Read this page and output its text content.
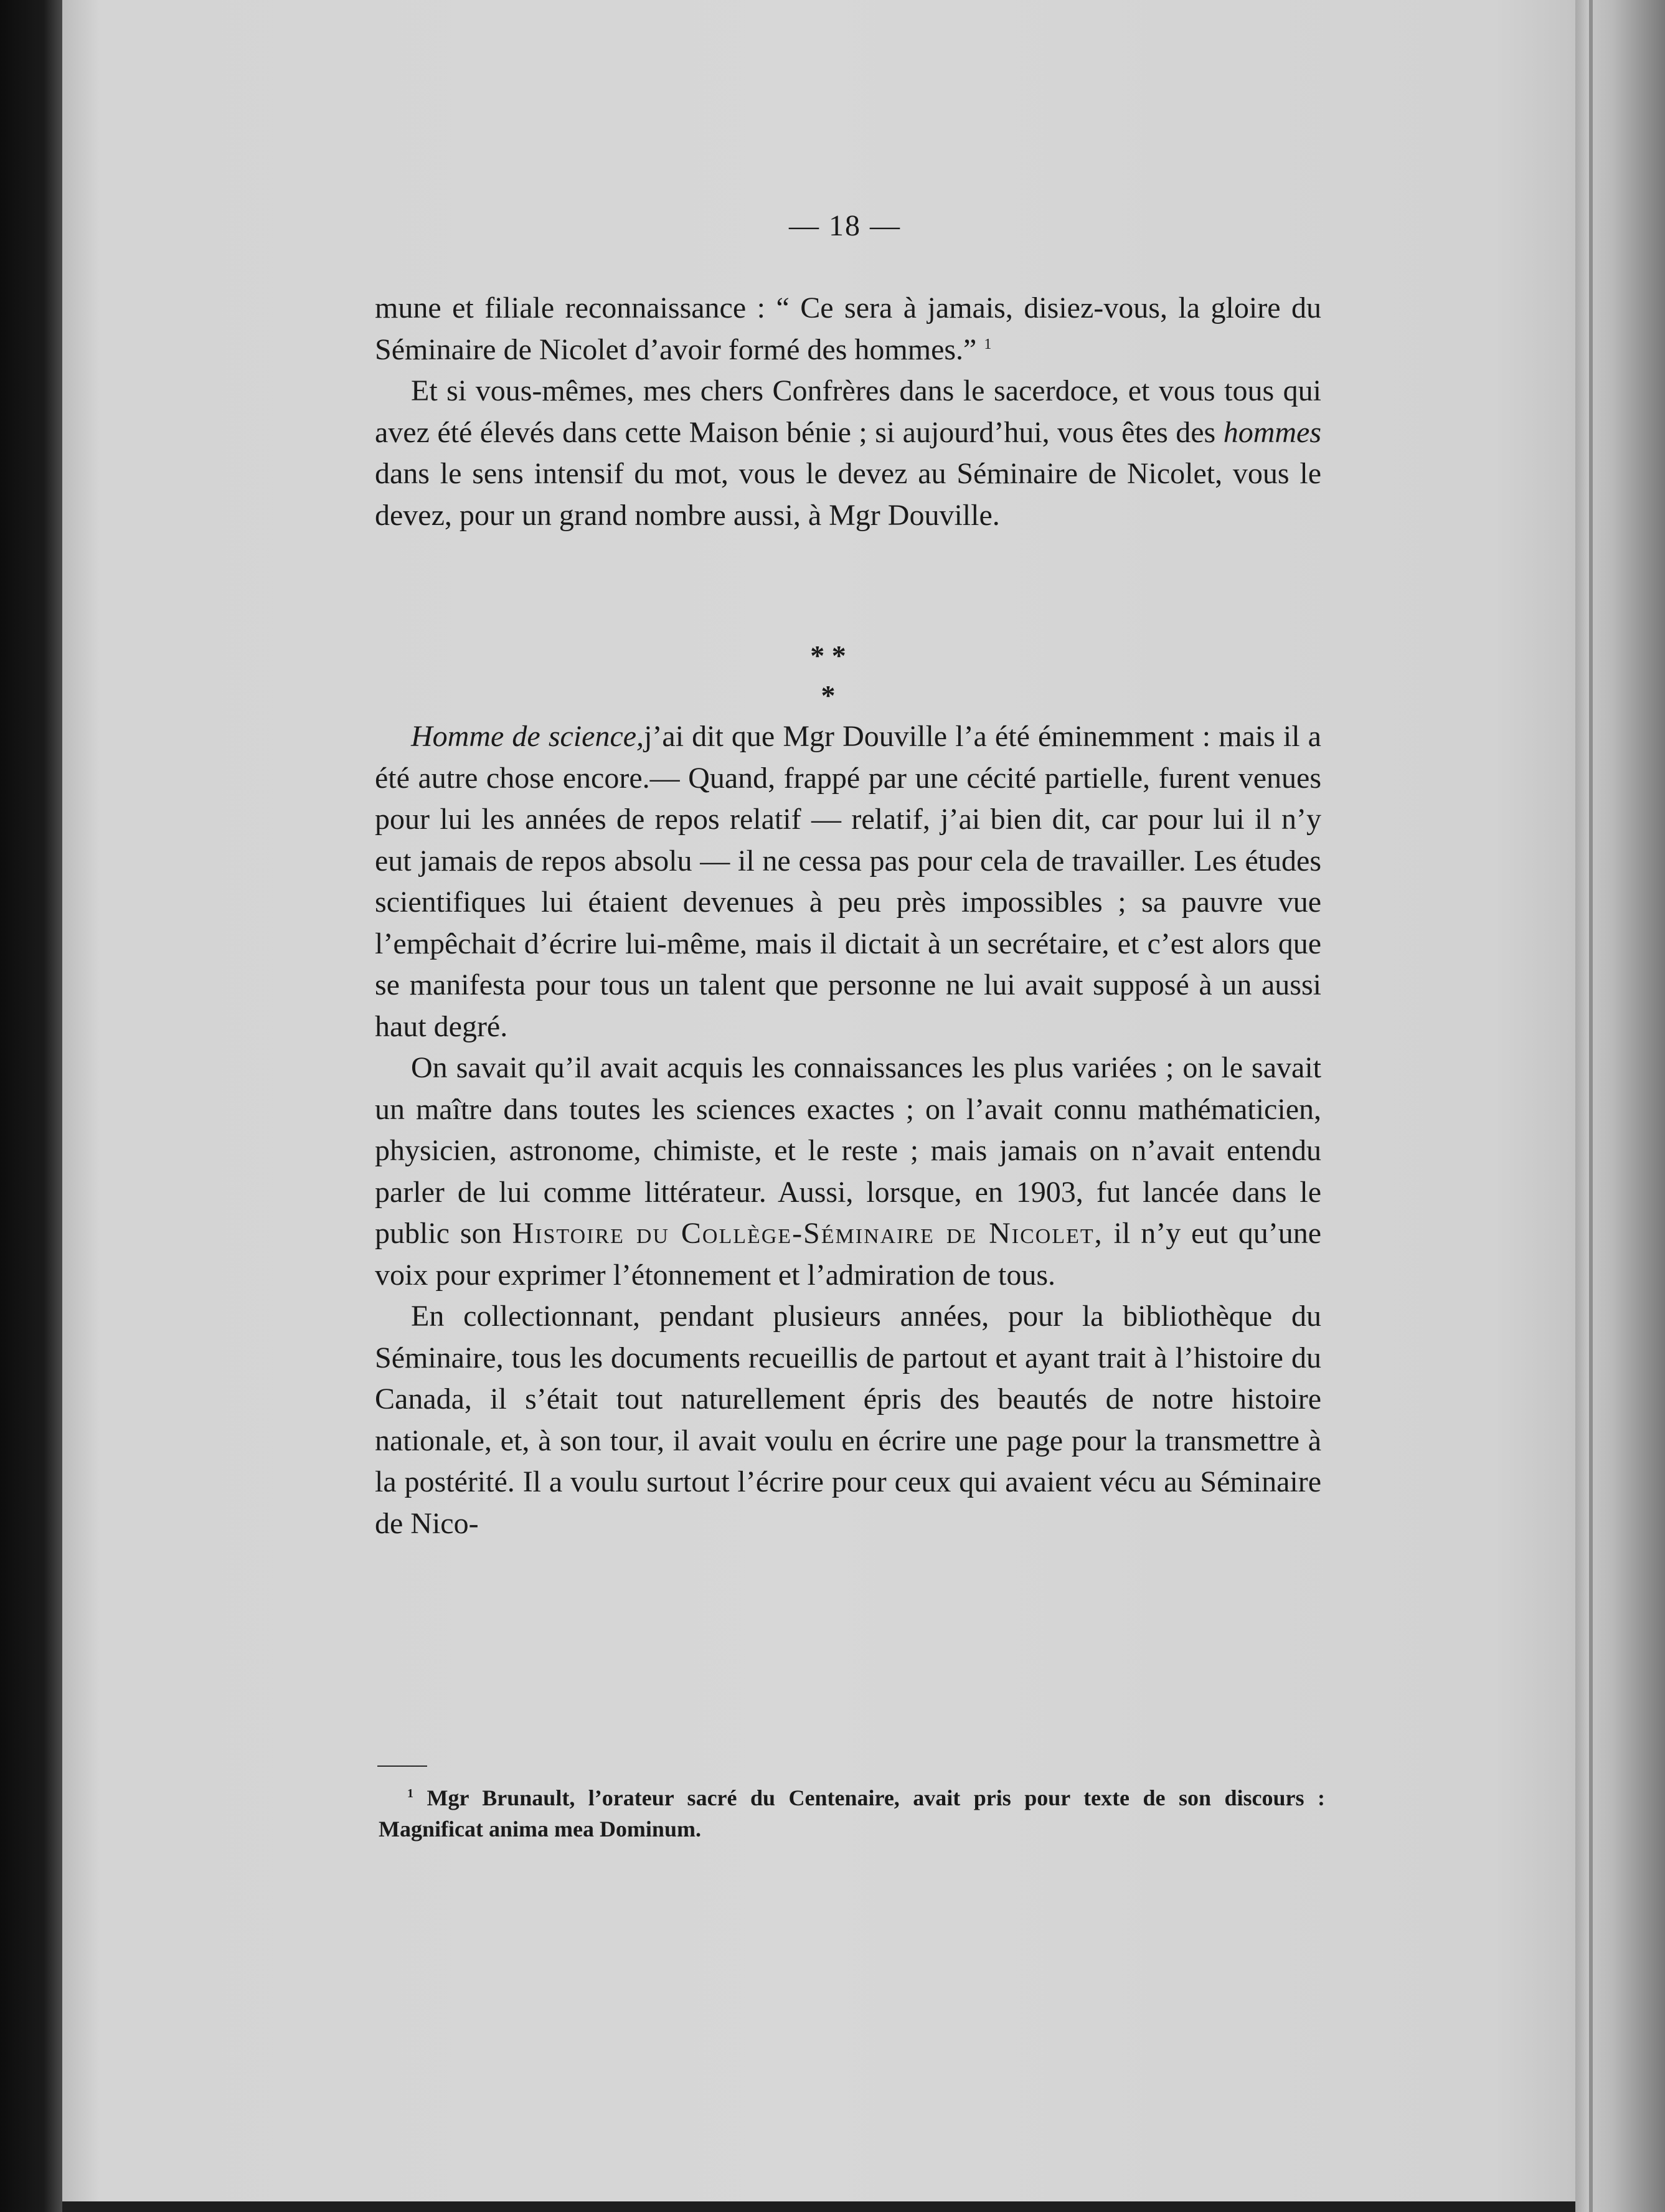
— 18 —

mune et filiale reconnaissance : “ Ce sera à jamais, disiez-vous, la gloire du Séminaire de Nicolet d’avoir formé des hommes.” $^1$

Et si vous-mêmes, mes chers Confrères dans le sacerdoce, et vous tous qui avez été élevés dans cette Maison bénie ; si aujourd’hui, vous êtes des hommes dans le sens intensif du mot, vous le devez au Séminaire de Nicolet, vous le devez, pour un grand nombre aussi, à Mgr Douville.

* *
*

Homme de science,j’ai dit que Mgr Douville l’a été éminemment : mais il a été autre chose encore.— Quand, frappé par une cécité partielle, furent venues pour lui les années de repos relatif — relatif, j’ai bien dit, car pour lui il n’y eut jamais de repos absolu — il ne cessa pas pour cela de travailler. Les études scientifiques lui étaient devenues à peu près impossibles ; sa pauvre vue l’empêchait d’écrire lui-même, mais il dictait à un secrétaire, et c’est alors que se manifesta pour tous un talent que personne ne lui avait supposé à un aussi haut degré.

On savait qu’il avait acquis les connaissances les plus variées ; on le savait un maître dans toutes les sciences exactes ; on l’avait connu mathématicien, physicien, astronome, chimiste, et le reste ; mais jamais on n’avait entendu parler de lui comme littérateur. Aussi, lorsque, en 1903, fut lancée dans le public son Histoire du Collège-Séminaire de Nicolet, il n’y eut qu’une voix pour exprimer l’étonnement et l’admiration de tous.

En collectionnant, pendant plusieurs années, pour la bibliothèque du Séminaire, tous les documents recueillis de partout et ayant trait à l’histoire du Canada, il s’était tout naturellement épris des beautés de notre histoire nationale, et, à son tour, il avait voulu en écrire une page pour la transmettre à la postérité. Il a voulu surtout l’écrire pour ceux qui avaient vécu au Séminaire de Nico-

$^1$ Mgr Brunault, l’orateur sacré du Centenaire, avait pris pour texte de son discours : Magnificat anima mea Dominum.
